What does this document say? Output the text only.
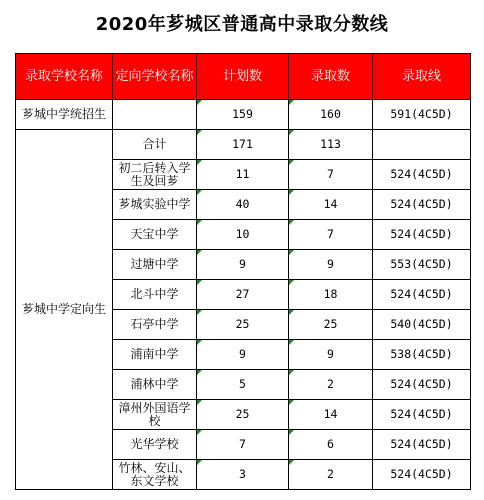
2020年芗城区普通高中录取分数线
录取学校名称	定向学校名称	计划数	录取数	录取线
芗城中学统招生		159	160	591(4C5D)
芗城中学定向生	合计	171	113	
	初二后转入学生及回芗	11	7	524(4C5D)
	芗城实验中学	40	14	524(4C5D)
	天宝中学	10	7	524(4C5D)
	过塘中学	9	9	553(4C5D)
	北斗中学	27	18	524(4C5D)
	石亭中学	25	25	540(4C5D)
	浦南中学	9	9	538(4C5D)
	浦林中学	5	2	524(4C5D)
	漳州外国语学校	25	14	524(4C5D)
	光华学校	7	6	524(4C5D)
	竹林、安山、东文学校	3	2	524(4C5D)
